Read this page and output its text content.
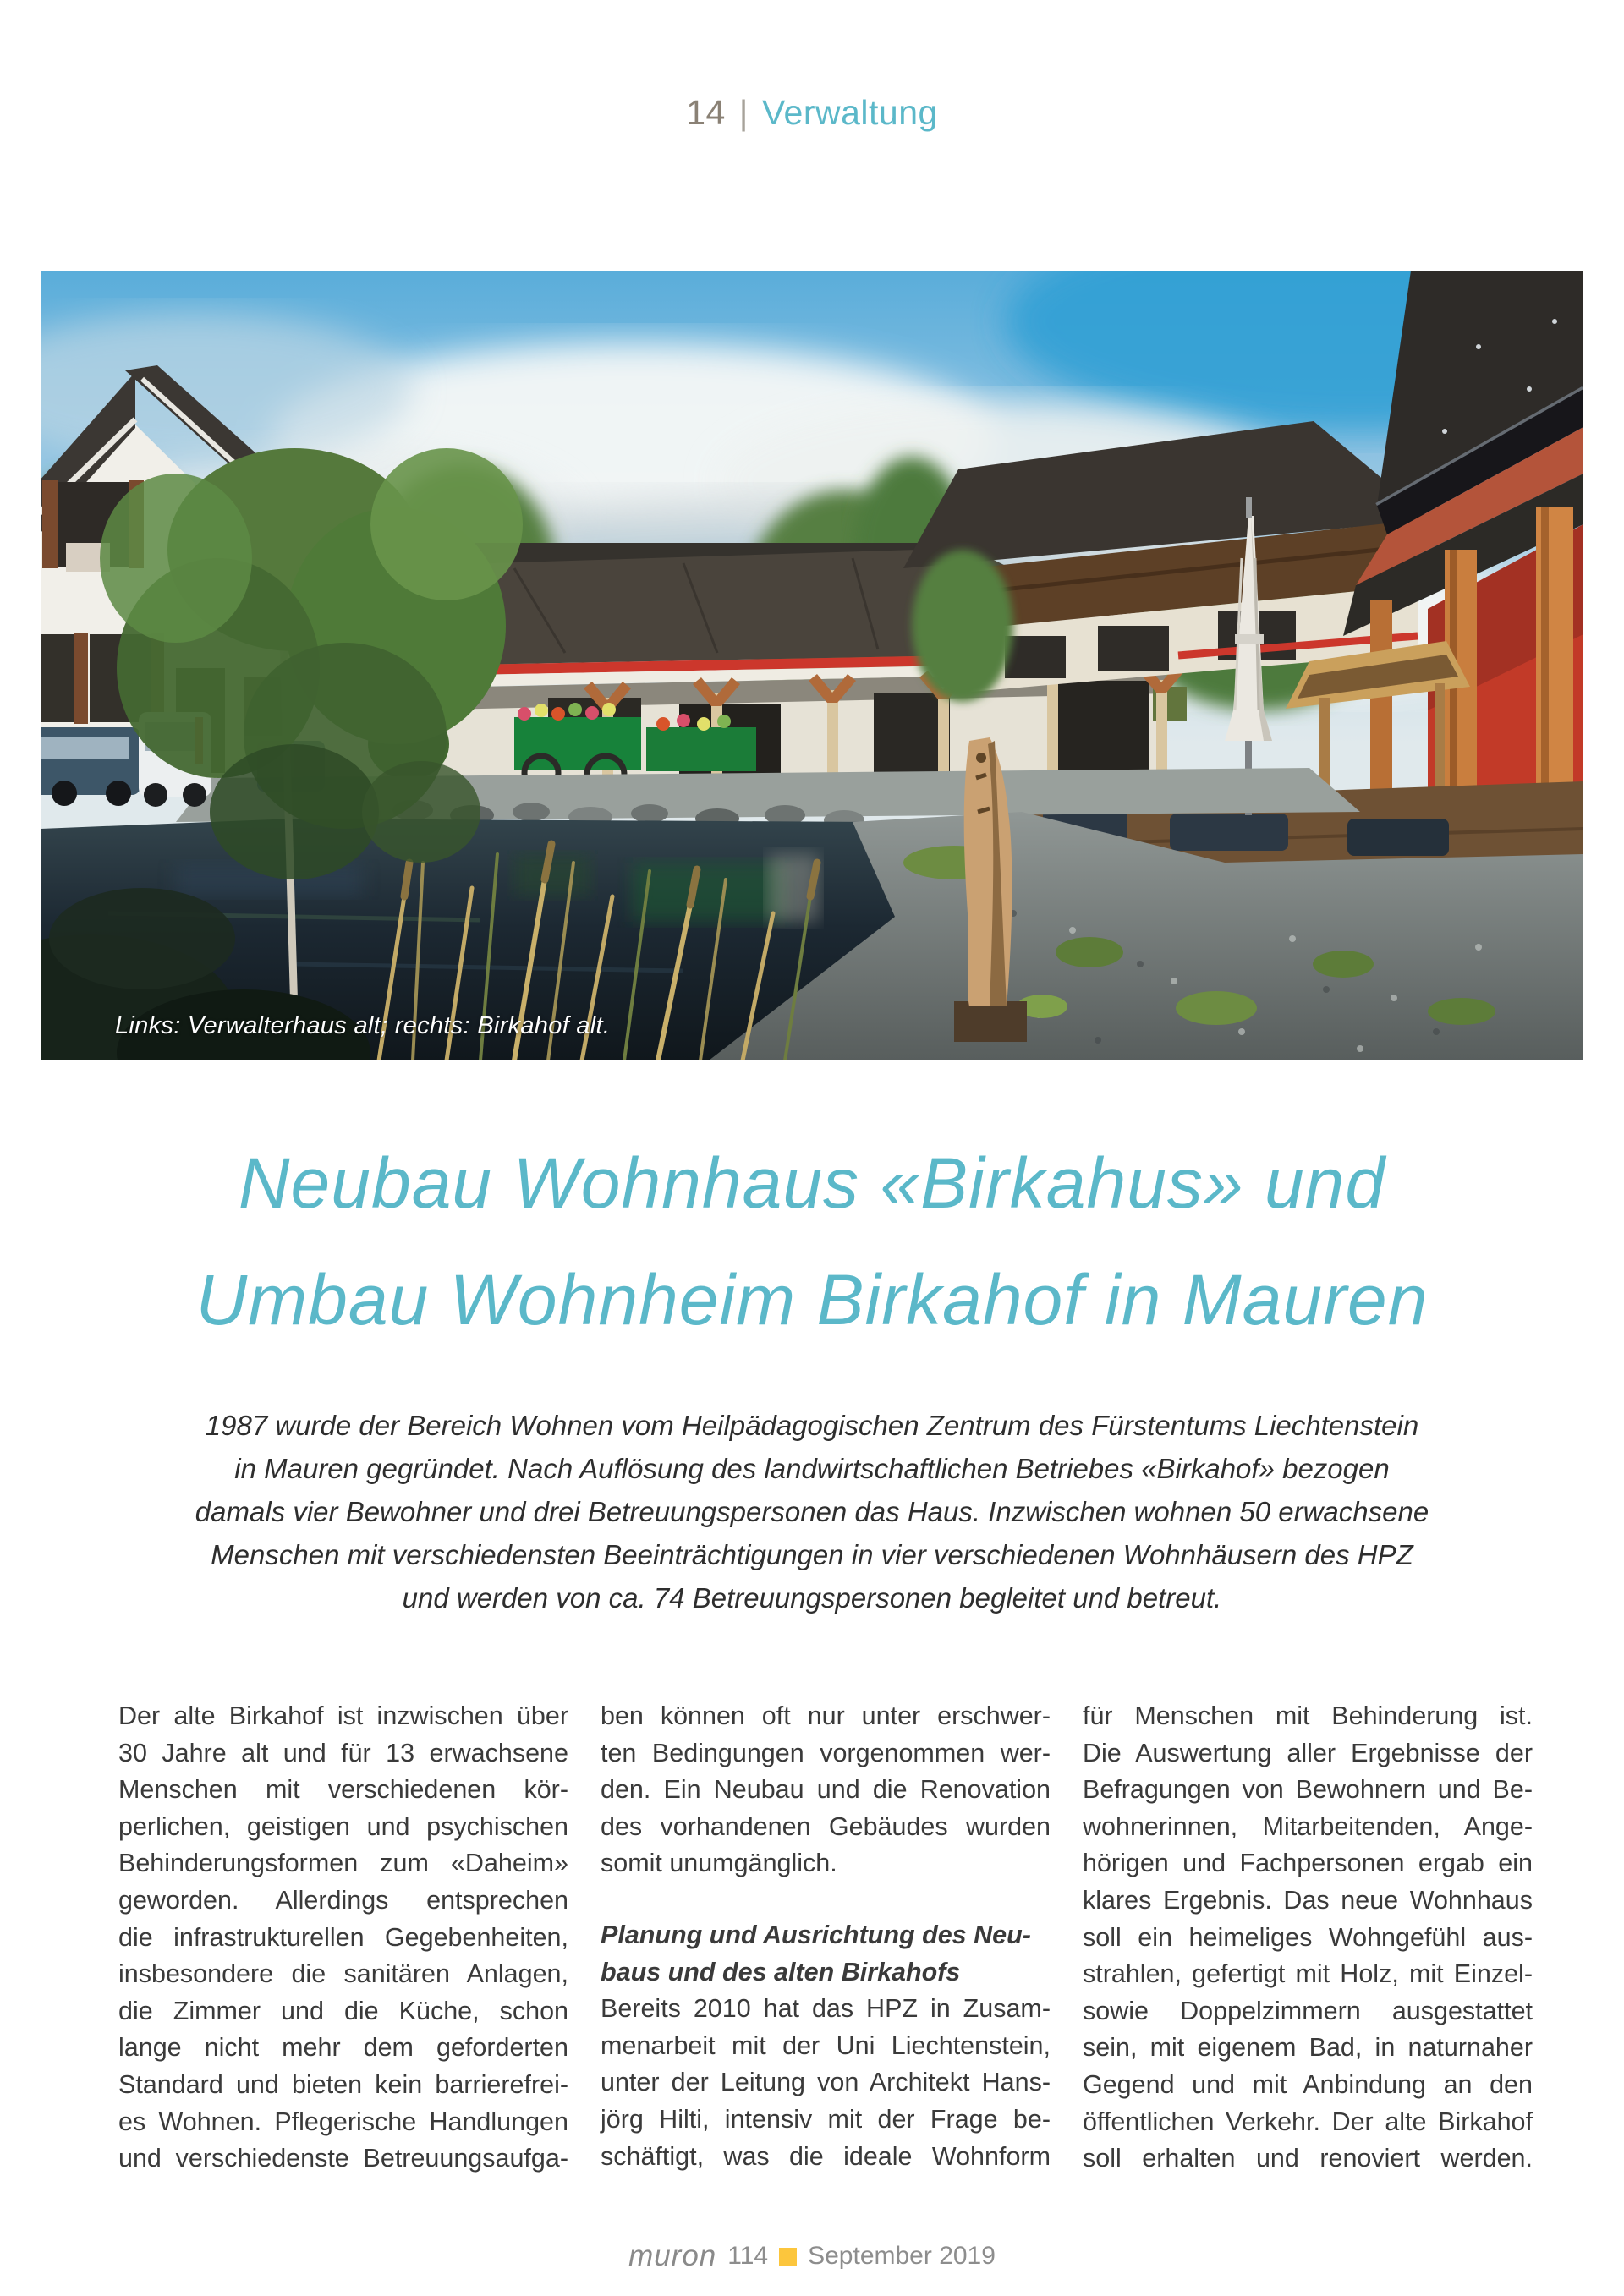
14 | Verwaltung
Links: Verwalterhaus alt; rechts: Birkahof alt.
Neubau Wohnhaus «Birkahus» und
Umbau Wohnheim Birkahof in Mauren
1987 wurde der Bereich Wohnen vom Heilpädagogischen Zentrum des Fürstentums Liechtenstein
in Mauren gegründet. Nach Auflösung des landwirtschaftlichen Betriebes «Birkahof» bezogen
damals vier Bewohner und drei Betreuungspersonen das Haus. Inzwischen wohnen 50 erwachsene
Menschen mit verschiedensten Beeinträchtigungen in vier verschiedenen Wohnhäusern des HPZ
und werden von ca. 74 Betreuungspersonen begleitet und betreut.
Der alte Birkahof ist inzwischen über
30 Jahre alt und für 13 erwachsene
Menschen mit verschiedenen kör-
perlichen, geistigen und psychischen
Behinderungsformen zum «Daheim»
geworden. Allerdings entsprechen
die infrastrukturellen Gegebenheiten,
insbesondere die sanitären Anlagen,
die Zimmer und die Küche, schon
lange nicht mehr dem geforderten
Standard und bieten kein barrierefrei-
es Wohnen. Pflegerische Handlungen
und verschiedenste Betreuungsaufga-
ben können oft nur unter erschwer-
ten Bedingungen vorgenommen wer-
den. Ein Neubau und die Renovation
des vorhandenen Gebäudes wurden
somit unumgänglich.
Planung und Ausrichtung des Neu-
baus und des alten Birkahofs
Bereits 2010 hat das HPZ in Zusam-
menarbeit mit der Uni Liechtenstein,
unter der Leitung von Architekt Hans-
jörg Hilti, intensiv mit der Frage be-
schäftigt, was die ideale Wohnform
für Menschen mit Behinderung ist.
Die Auswertung aller Ergebnisse der
Befragungen von Bewohnern und Be-
wohnerinnen, Mitarbeitenden, Ange-
hörigen und Fachpersonen ergab ein
klares Ergebnis. Das neue Wohnhaus
soll ein heimeliges Wohngefühl aus-
strahlen, gefertigt mit Holz, mit Einzel-
sowie Doppelzimmern ausgestattet
sein, mit eigenem Bad, in naturnaher
Gegend und mit Anbindung an den
öffentlichen Verkehr. Der alte Birkahof
soll erhalten und renoviert werden.
muron 114 September 2019
